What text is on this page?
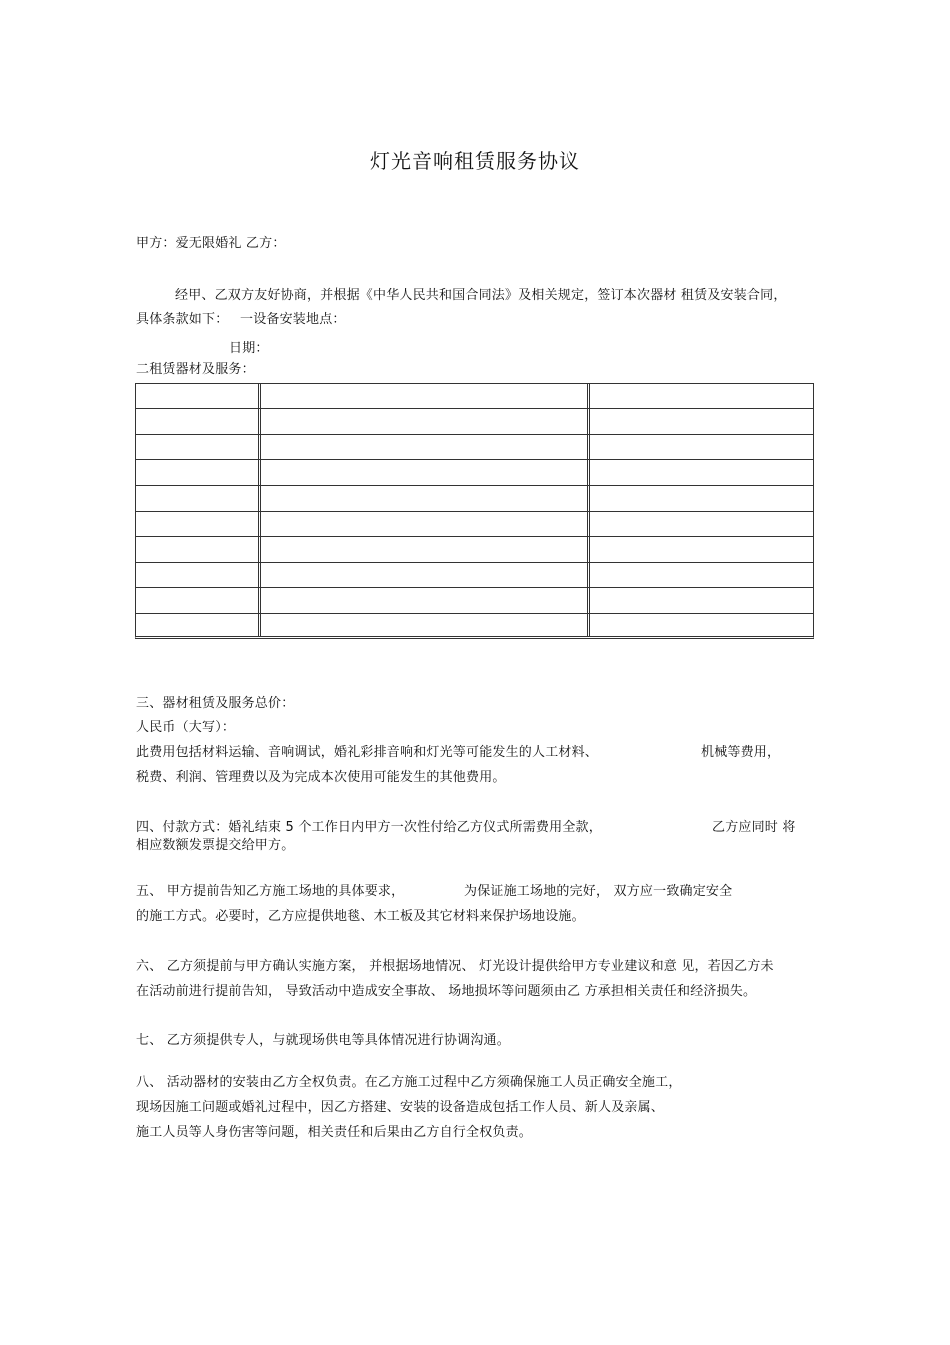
灯光音响租赁服务协议
甲方：爱无限婚礼 乙方：
经甲、乙双方友好协商，并根据《中华人民共和国合同法》及相关规定，签订本次器材 租赁及安装合同，
具体条款如下： 一设备安装地点：
日期：
二租赁器材及服务：
三、器材租赁及服务总价：
人民币（大写）：
此费用包括材料运输、音响调试，婚礼彩排音响和灯光等可能发生的人工材料、	机械等费用，
税费、利润、管理费以及为完成本次使用可能发生的其他费用。
四、付款方式：婚礼结束 5 个工作日内甲方一次性付给乙方仪式所需费用全款，	乙方应同时 将
相应数额发票提交给甲方。
五、 甲方提前告知乙方施工场地的具体要求，	为保证施工场地的完好， 双方应一致确定安全
的施工方式。必要时，乙方应提供地毯、木工板及其它材料来保护场地设施。
六、 乙方须提前与甲方确认实施方案， 并根据场地情况、 灯光设计提供给甲方专业建议和意 见，若因乙方未
在活动前进行提前告知， 导致活动中造成安全事故、 场地损坏等问题须由乙 方承担相关责任和经济损失。
七、 乙方须提供专人，与就现场供电等具体情况进行协调沟通。
八、 活动器材的安装由乙方全权负责。在乙方施工过程中乙方须确保施工人员正确安全施工，
现场因施工问题或婚礼过程中，因乙方搭建、安装的设备造成包括工作人员、新人及亲属、
施工人员等人身伤害等问题，相关责任和后果由乙方自行全权负责。
